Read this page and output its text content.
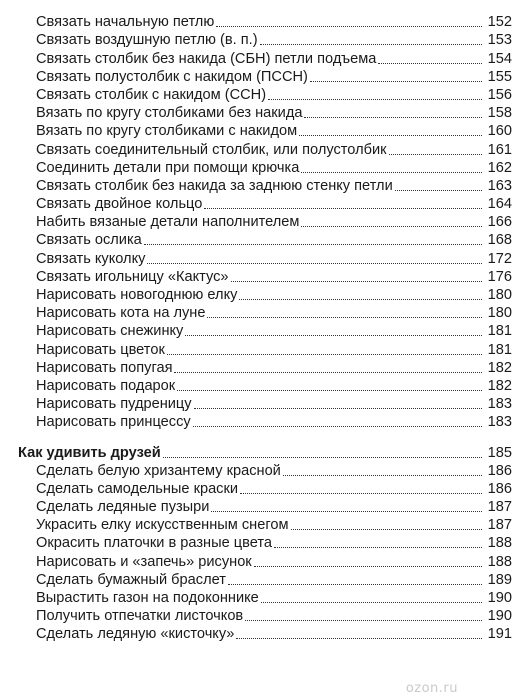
Связать начальную петлю	152
Связать воздушную петлю (в. п.)	153
Связать столбик без накида (СБН) петли подъема	154
Связать полустолбик с накидом (ПССН)	155
Связать столбик с накидом (ССН)	156
Вязать по кругу столбиками без накида	158
Вязать по кругу столбиками с накидом	160
Связать соединительный столбик, или полустолбик	161
Соединить детали при помощи крючка	162
Связать столбик без накида за заднюю стенку петли	163
Связать двойное кольцо	164
Набить вязаные детали наполнителем	166
Связать ослика	168
Связать куколку	172
Связать игольницу «Кактус»	176
Нарисовать новогоднюю елку	180
Нарисовать кота на луне	180
Нарисовать снежинку	181
Нарисовать цветок	181
Нарисовать попугая	182
Нарисовать подарок	182
Нарисовать пудреницу	183
Нарисовать принцессу	183
Как удивить друзей	185
Сделать белую хризантему красной	186
Сделать самодельные краски	186
Сделать ледяные пузыри	187
Украсить елку искусственным снегом	187
Окрасить платочки в разные цвета	188
Нарисовать и «запечь» рисунок	188
Сделать бумажный браслет	189
Вырастить газон на подоконнике	190
Получить отпечатки листочков	190
Сделать ледяную «кисточку»	191
ozon.ru
